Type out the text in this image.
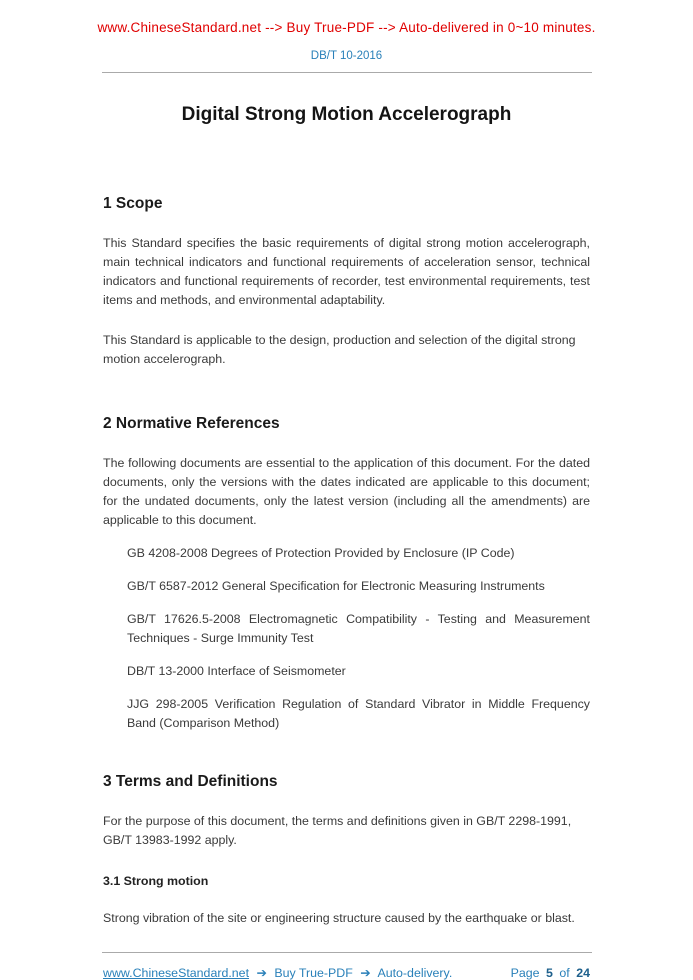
www.ChineseStandard.net --> Buy True-PDF --> Auto-delivered in 0~10 minutes.
DB/T 10-2016
Digital Strong Motion Accelerograph
1 Scope

This Standard specifies the basic requirements of digital strong motion accelerograph, main technical indicators and functional requirements of acceleration sensor, technical indicators and functional requirements of recorder, test environmental requirements, test items and methods, and environmental adaptability.

This Standard is applicable to the design, production and selection of the digital strong motion accelerograph.

2 Normative References

The following documents are essential to the application of this document. For the dated documents, only the versions with the dates indicated are applicable to this document; for the undated documents, only the latest version (including all the amendments) are applicable to this document.

GB 4208-2008 Degrees of Protection Provided by Enclosure (IP Code)
GB/T 6587-2012 General Specification for Electronic Measuring Instruments
GB/T 17626.5-2008 Electromagnetic Compatibility - Testing and Measurement Techniques - Surge Immunity Test
DB/T 13-2000 Interface of Seismometer
JJG 298-2005 Verification Regulation of Standard Vibrator in Middle Frequency Band (Comparison Method)
3 Terms and Definitions

For the purpose of this document, the terms and definitions given in GB/T 2298-1991, GB/T 13983-1992 apply.

3.1 Strong motion

Strong vibration of the site or engineering structure caused by the earthquake or blast.

www.ChineseStandard.net ➔ Buy True-PDF ➔ Auto-delivery.	Page 5 of 24
